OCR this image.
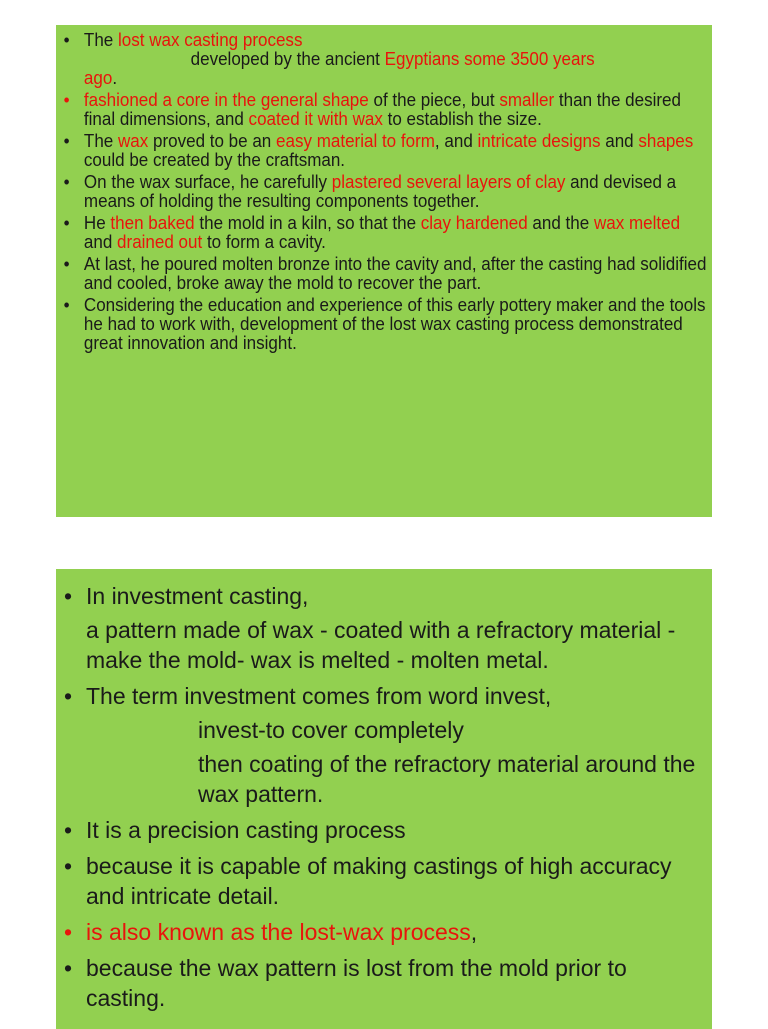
• The lost wax casting process
developed by the ancient Egyptians some 3500 years
ago.
• fashioned a core in the general shape of the piece, but smaller than the desired final dimensions, and coated it with wax to establish the size.
• The wax proved to be an easy material to form, and intricate designs and shapes could be created by the craftsman.
• On the wax surface, he carefully plastered several layers of clay and devised a means of holding the resulting components together.
• He then baked the mold in a kiln, so that the clay hardened and the wax melted and drained out to form a cavity.
• At last, he poured molten bronze into the cavity and, after the casting had solidified and cooled, broke away the mold to recover the part.
• Considering the education and experience of this early pottery maker and the tools he had to work with, development of the lost wax casting process demonstrated great innovation and insight.
• In investment casting,
a pattern made of wax - coated with a refractory material - make the mold- wax is melted - molten metal.
• The term investment comes from word invest,
invest-to cover completely
then coating of the refractory material around the wax pattern.
• It is a precision casting process
• because it is capable of making castings of high accuracy and intricate detail.
• is also known as the lost-wax process,
• because the wax pattern is lost from the mold prior to casting.
